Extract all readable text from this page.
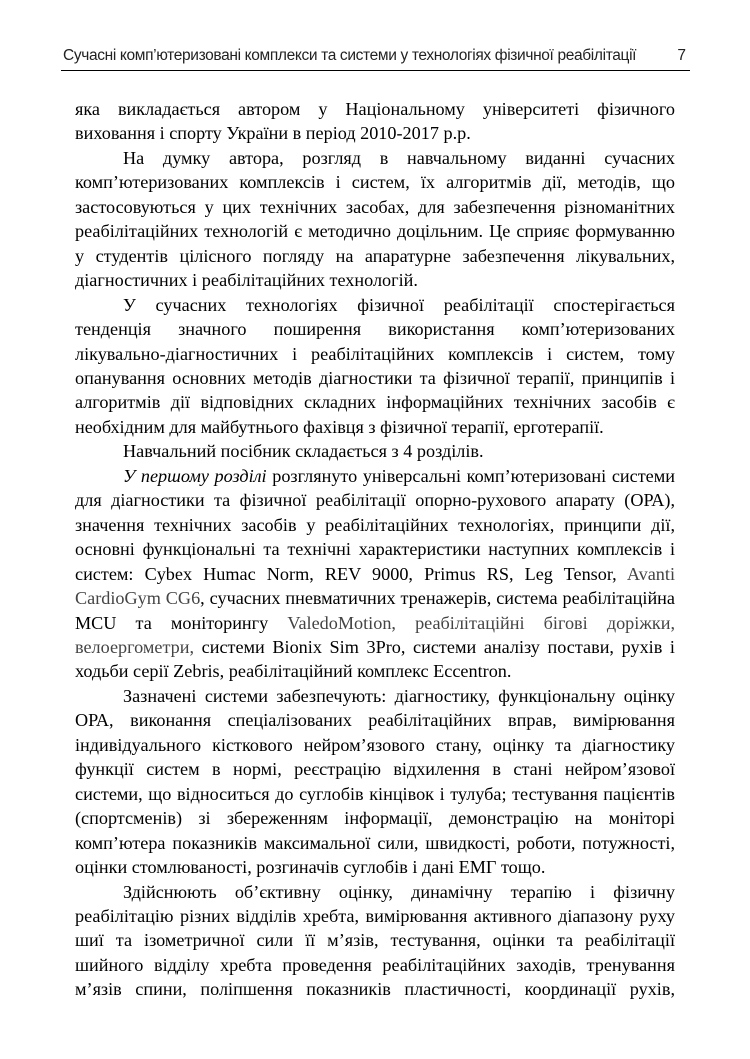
Сучасні комп’ютеризовані комплекси та системи у технологіях фізичної реабілітації	7

яка викладається автором у Національному університеті фізичного виховання і спорту України в період 2010-2017 р.р.

На думку автора, розгляд в навчальному виданні сучасних комп’ютеризованих комплексів і систем, їх алгоритмів дії, методів, що застосовуються у цих технічних засобах, для забезпечення різноманітних реабілітаційних технологій є методично доцільним. Це сприяє формуванню у студентів цілісного погляду на апаратурне забезпечення лікувальних, діагностичних і реабілітаційних технологій.

У сучасних технологіях фізичної реабілітації спостерігається тенденція значного поширення використання комп’ютеризованих лікувально-діагностичних і реабілітаційних комплексів і систем, тому опанування основних методів діагностики та фізичної терапії, принципів і алгоритмів дії відповідних складних інформаційних технічних засобів є необхідним для майбутнього фахівця з фізичної терапії, ерготерапії.

Навчальний посібник складається з 4 розділів.

У першому розділі розглянуто універсальні комп’ютеризовані системи для діагностики та фізичної реабілітації опорно-рухового апарату (ОРА), значення технічних засобів у реабілітаційних технологіях, принципи дії, основні функціональні та технічні характеристики наступних комплексів і систем: Cybex Humac Norm, REV 9000, Primus RS, Leg Tensor, Avanti CardioGym CG6, сучасних пневматичних тренажерів, система реабілітаційна MCU та моніторингу ValedoMotion, реабілітаційні бігові доріжки, велоергометри, системи Bionix Sim 3Pro, системи аналізу постави, рухів і ходьби серії Zebris, реабілітаційний комплекс Eccentron.

Зазначені системи забезпечують: діагностику, функціональну оцінку ОРА, виконання спеціалізованих реабілітаційних вправ, вимірювання індивідуального кісткового нейром’язового стану, оцінку та діагностику функції систем в нормі, реєстрацію відхилення в стані нейром’язової системи, що відноситься до суглобів кінцівок і тулуба; тестування пацієнтів (спортсменів) зі збереженням інформації, демонстрацію на моніторі комп’ютера показників максимальної сили, швидкості, роботи, потужності, оцінки стомлюваності, розгиначів суглобів і дані ЕМГ тощо.

Здійснюють об’єктивну оцінку, динамічну терапію і фізичну реабілітацію різних відділів хребта, вимірювання активного діапазону руху шиї та ізометричної сили її м’язів, тестування, оцінки та реабілітації шийного відділу хребта проведення реабілітаційних заходів, тренування м’язів спини, поліпшення показників пластичності, координації рухів,
